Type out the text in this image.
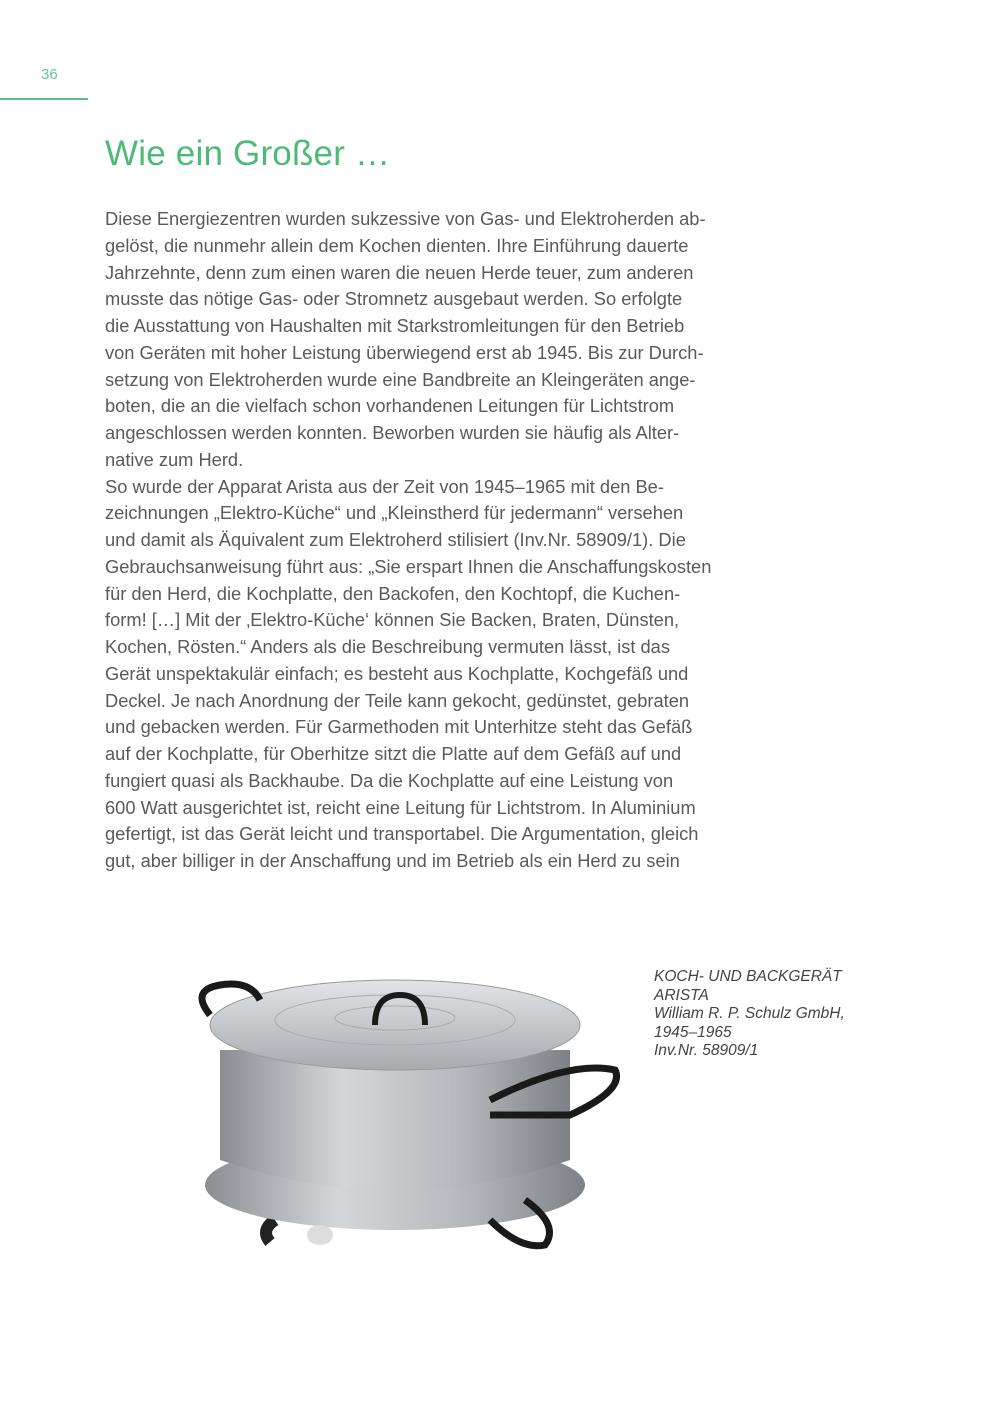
36
Wie ein Großer …
Diese Energiezentren wurden sukzessive von Gas- und Elektroherden ab-
gelöst, die nunmehr allein dem Kochen dienten. Ihre Einführung dauerte
Jahrzehnte, denn zum einen waren die neuen Herde teuer, zum anderen
musste das nötige Gas- oder Stromnetz ausgebaut werden. So erfolgte
die Ausstattung von Haushalten mit Starkstromleitungen für den Betrieb
von Geräten mit hoher Leistung überwiegend erst ab 1945. Bis zur Durch-
setzung von Elektroherden wurde eine Bandbreite an Kleingeräten ange-
boten, die an die vielfach schon vorhandenen Leitungen für Lichtstrom
angeschlossen werden konnten. Beworben wurden sie häufig als Alter-
native zum Herd.
So wurde der Apparat Arista aus der Zeit von 1945–1965 mit den Be-
zeichnungen „Elektro-Küche“ und „Kleinstherd für jedermann“ versehen
und damit als Äquivalent zum Elektroherd stilisiert (Inv.Nr. 58909/1). Die
Gebrauchsanweisung führt aus: „Sie erspart Ihnen die Anschaffungskosten
für den Herd, die Kochplatte, den Backofen, den Kochtopf, die Kuchen-
form! […] Mit der ‚Elektro-Küche‘ können Sie Backen, Braten, Dünsten,
Kochen, Rösten.“ Anders als die Beschreibung vermuten lässt, ist das
Gerät unspektakulär einfach; es besteht aus Kochplatte, Kochgefäß und
Deckel. Je nach Anordnung der Teile kann gekocht, gedünstet, gebraten
und gebacken werden. Für Garmethoden mit Unterhitze steht das Gefäß
auf der Kochplatte, für Oberhitze sitzt die Platte auf dem Gefäß auf und
fungiert quasi als Backhaube. Da die Kochplatte auf eine Leistung von
600 Watt ausgerichtet ist, reicht eine Leitung für Lichtstrom. In Aluminium
gefertigt, ist das Gerät leicht und transportabel. Die Argumentation, gleich
gut, aber billiger in der Anschaffung und im Betrieb als ein Herd zu sein
KOCH- UND BACKGERÄT
ARISTA
William R. P. Schulz GmbH,
1945–1965
Inv.Nr. 58909/1
